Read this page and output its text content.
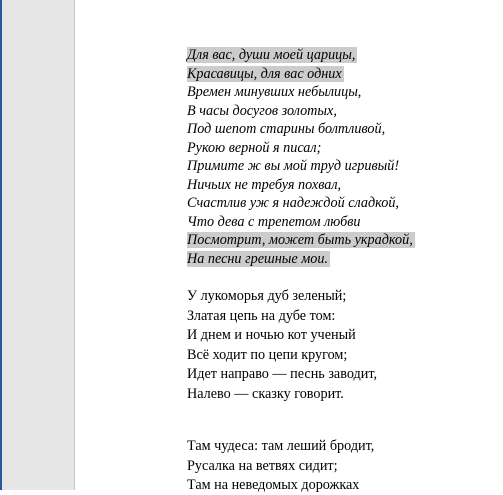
Для вас, души моей царицы,
Красавицы, для вас одних
Времен минувших небылицы,
В часы досугов золотых,
Под шепот старины болтливой,
Рукою верной я писал;
Примите ж вы мой труд игривый!
Ничьих не требуя похвал,
Счастлив уж я надеждой сладкой,
Что дева с трепетом любви
Посмотрит, может быть украдкой,
На песни грешные мои.
У лукоморья дуб зеленый;
Златая цепь на дубе том:
И днем и ночью кот ученый
Всё ходит по цепи кругом;
Идет направо — песнь заводит,
Налево — сказку говорит.
Там чудеса: там леший бродит,
Русалка на ветвях сидит;
Там на неведомых дорожках
